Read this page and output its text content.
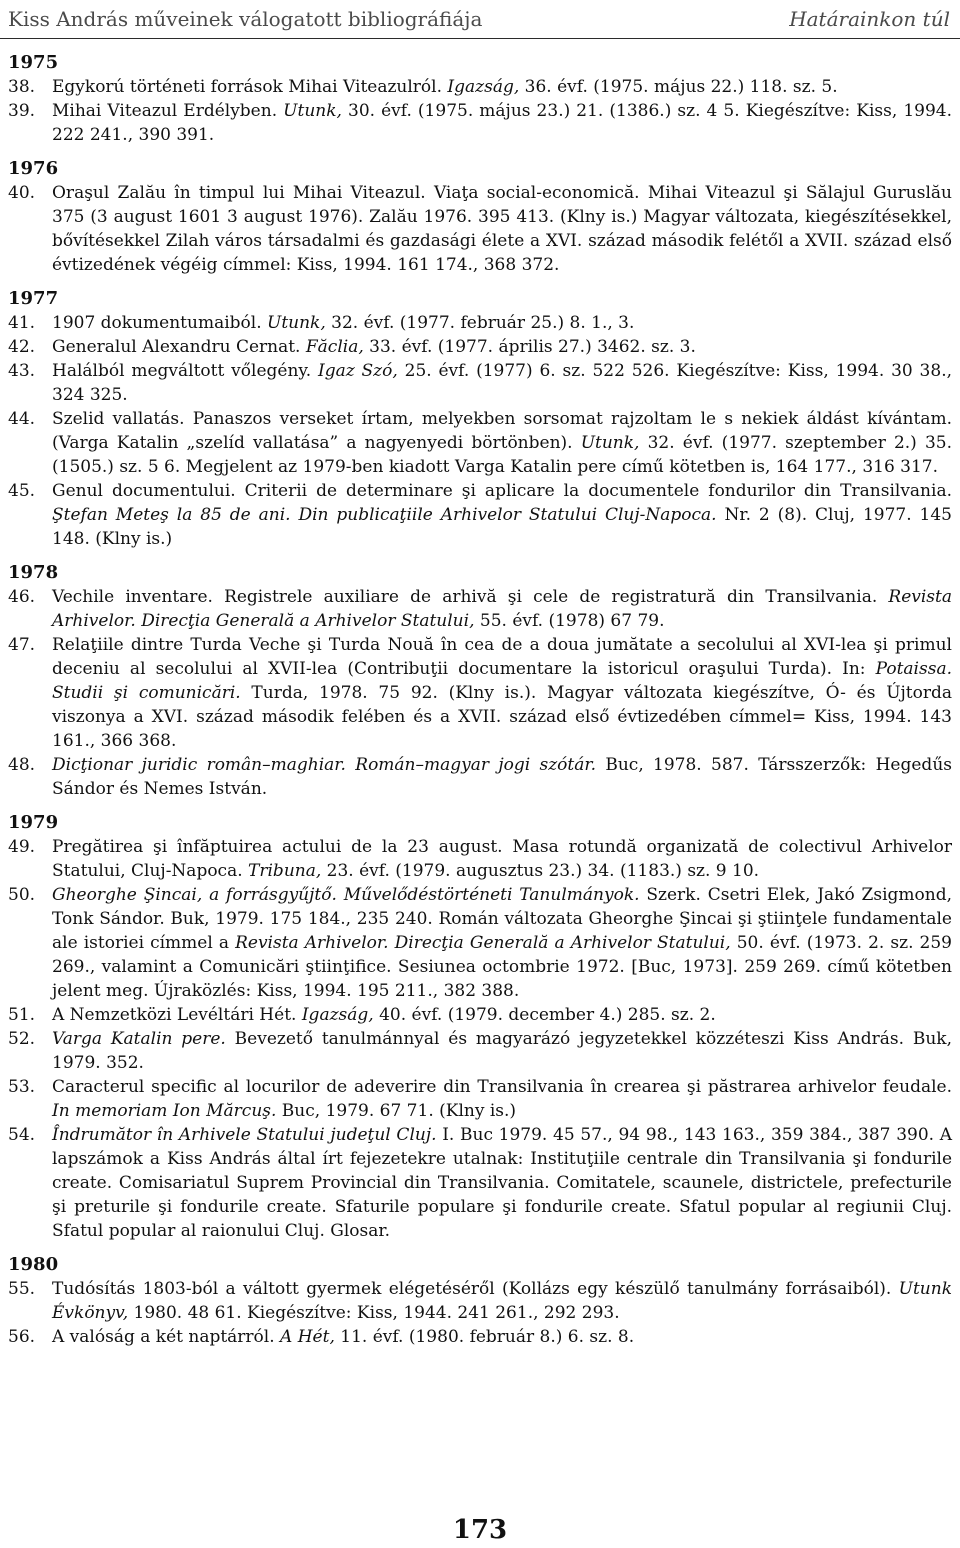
Kiss András műveinek válogatott bibliográfiája	Határainkon túl
1975
38. Egykorú történeti források Mihai Viteazulról. Igazság, 36. évf. (1975. május 22.) 118. sz. 5.
39. Mihai Viteazul Erdélyben. Utunk, 30. évf. (1975. május 23.) 21. (1386.) sz. 4 5. Kiegészítve: Kiss, 1994. 222 241., 390 391.
1976
40. Oraşul Zalău în timpul lui Mihai Viteazul. Viaţa social-economică. Mihai Viteazul şi Sălajul Guruslău 375 (3 august 1601 3 august 1976). Zalău 1976. 395 413. (Klny is.) Magyar változata, kiegészítésekkel, bővítésekkel Zilah város társadalmi és gazdasági élete a XVI. század második felétől a XVII. század első évtizedének végéig címmel: Kiss, 1994. 161 174., 368 372.
1977
41. 1907 dokumentumaiból. Utunk, 32. évf. (1977. február 25.) 8. 1., 3.
42. Generalul Alexandru Cernat. Făclia, 33. évf. (1977. április 27.) 3462. sz. 3.
43. Halálból megváltott vőlegény. Igaz Szó, 25. évf. (1977) 6. sz. 522 526. Kiegészítve: Kiss, 1994. 30 38., 324 325.
44. Szelid vallatás. Panaszos verseket írtam, melyekben sorsomat rajzoltam le s nekiek áldást kívántam. (Varga Katalin „szelíd vallatása” a nagyenyedi börtönben). Utunk, 32. évf. (1977. szeptember 2.) 35. (1505.) sz. 5 6. Megjelent az 1979-ben kiadott Varga Katalin pere című kötetben is, 164 177., 316 317.
45. Genul documentului. Criterii de determinare şi aplicare la documentele fondurilor din Transilvania. Ştefan Meteş la 85 de ani. Din publicaţiile Arhivelor Statului Cluj-Napoca. Nr. 2 (8). Cluj, 1977. 145 148. (Klny is.)
1978
46. Vechile inventare. Registrele auxiliare de arhivă şi cele de registratură din Transilvania. Revista Arhivelor. Direcţia Generală a Arhivelor Statului, 55. évf. (1978) 67 79.
47. Relaţiile dintre Turda Veche şi Turda Nouă în cea de a doua jumătate a secolului al XVI-lea şi primul deceniu al secolului al XVII-lea (Contribuţii documentare la istoricul oraşului Turda). In: Potaissa. Studii şi comunicări. Turda, 1978. 75 92. (Klny is.). Magyar változata kiegészítve, Ó- és Újtorda viszonya a XVI. század második felében és a XVII. század első évtizedében címmel= Kiss, 1994. 143 161., 366 368.
48. Dicţionar juridic român–maghiar. Román–magyar jogi szótár. Buc, 1978. 587. Társszerzők: Hegedűs Sándor és Nemes István.
1979
49. Pregătirea şi înfăptuirea actului de la 23 august. Masa rotundă organizată de colectivul Arhivelor Statului, Cluj-Napoca. Tribuna, 23. évf. (1979. augusztus 23.) 34. (1183.) sz. 9 10.
50. Gheorghe Şincai, a forrásgyűjtő. Művelődéstörténeti Tanulmányok. Szerk. Csetri Elek, Jakó Zsigmond, Tonk Sándor. Buk, 1979. 175 184., 235 240. Román változata Gheorghe Şincai şi ştiinţele fundamentale ale istoriei címmel a Revista Arhivelor. Direcţia Generală a Arhivelor Statului, 50. évf. (1973. 2. sz. 259 269., valamint a Comunicări ştiinţifice. Sesiunea octombrie 1972. [Buc, 1973]. 259 269. című kötetben jelent meg. Újraközlés: Kiss, 1994. 195 211., 382 388.
51. A Nemzetközi Levéltári Hét. Igazság, 40. évf. (1979. december 4.) 285. sz. 2.
52. Varga Katalin pere. Bevezető tanulmánnyal és magyarázó jegyzetekkel közzéteszi Kiss András. Buk, 1979. 352.
53. Caracterul specific al locurilor de adeverire din Transilvania în crearea şi păstrarea arhivelor feudale. In memoriam Ion Mărcuş. Buc, 1979. 67 71. (Klny is.)
54. Îndrumător în Arhivele Statului judeţul Cluj. I. Buc 1979. 45 57., 94 98., 143 163., 359 384., 387 390. A lapszámok a Kiss András által írt fejezetekre utalnak: Instituţiile centrale din Transilvania şi fondurile create. Comisariatul Suprem Provincial din Transilvania. Comitatele, scaunele, districtele, prefecturile şi preturile şi fondurile create. Sfaturile populare şi fondurile create. Sfatul popular al regiunii Cluj. Sfatul popular al raionului Cluj. Glosar.
1980
55. Tudósítás 1803-ból a váltott gyermek elégetéséről (Kollázs egy készülő tanulmány forrásaiból). Utunk Évkönyv, 1980. 48 61. Kiegészítve: Kiss, 1944. 241 261., 292 293.
56. A valóság a két naptárról. A Hét, 11. évf. (1980. február 8.) 6. sz. 8.
173
